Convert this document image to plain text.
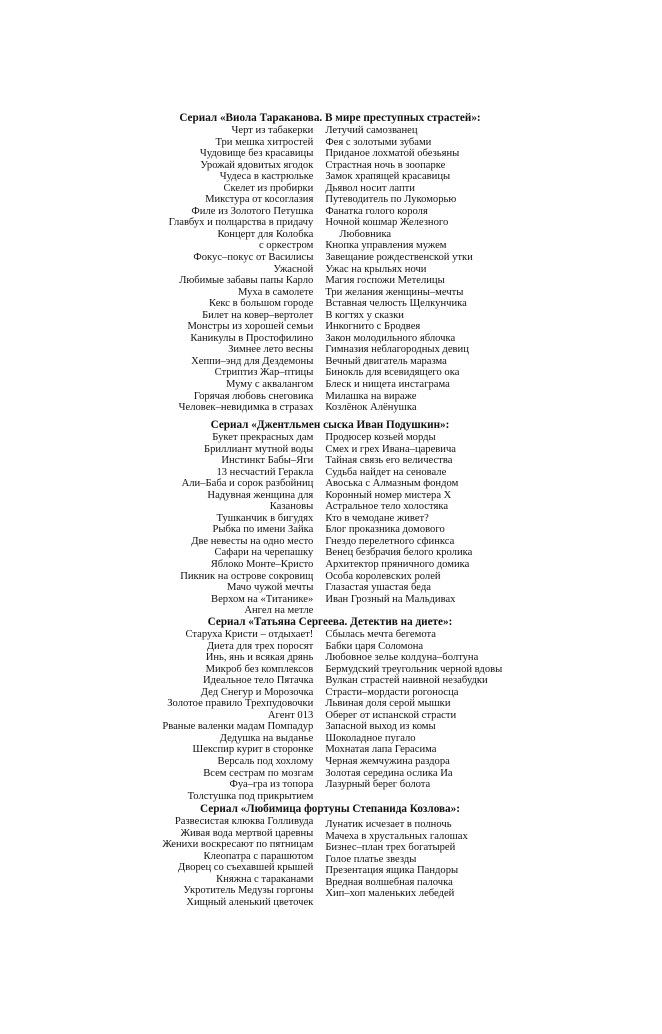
Сериал «Виола Тараканова. В мире преступных страстей»:
Черт из табакерки
Три мешка хитростей
Чудовище без красавицы
Урожай ядовитых ягодок
Чудеса в кастрюльке
Скелет из пробирки
Микстура от косоглазия
Филе из Золотого Петушка
Главбух и полцарства в придачу
Концерт для Колобка
с оркестром
Фокус–покус от Василисы
Ужасной
Любимые забавы папы Карло
Муха в самолете
Кекс в большом городе
Билет на ковер–вертолет
Монстры из хорошей семьи
Каникулы в Простофилино
Зимнее лето весны
Хеппи–энд для Дездемоны
Стриптиз Жар–птицы
Муму с аквалангом
Горячая любовь снеговика
Человек–невидимка в стразах
Летучий самозванец
Фея с золотыми зубами
Приданое лохматой обезьяны
Страстная ночь в зоопарке
Замок храпящей красавицы
Дьявол носит лапти
Путеводитель по Лукоморью
Фанатка голого короля
Ночной кошмар Железного
Любовника
Кнопка управления мужем
Завещание рождественской утки
Ужас на крыльях ночи
Магия госпожи Метелицы
Три желания женщины–мечты
Вставная челюсть Щелкунчика
В когтях у сказки
Инкогнито с Бродвея
Закон молодильного яблочка
Гимназия неблагородных девиц
Вечный двигатель маразма
Бинокль для всевидящего ока
Блеск и нищета инстаграма
Милашка на вираже
Козлёнок Алёнушка
Сериал «Джентльмен сыска Иван Подушкин»:
Букет прекрасных дам
Бриллиант мутной воды
Инстинкт Бабы–Яги
13 несчастий Геракла
Али–Баба и сорок разбойниц
Надувная женщина для
Казановы
Тушканчик в бигудях
Рыбка по имени Зайка
Две невесты на одно место
Сафари на черепашку
Яблоко Монте–Кристо
Пикник на острове сокровищ
Мачо чужой мечты
Верхом на «Титанике»
Ангел на метле
Продюсер козьей морды
Смех и грех Ивана–царевича
Тайная связь его величества
Судьба найдет на сеновале
Авоська с Алмазным фондом
Коронный номер мистера Х
Астральное тело холостяка
Кто в чемодане живет?
Блог проказника домового
Гнездо перелетного сфинкса
Венец безбрачия белого кролика
Архитектор пряничного домика
Особа королевских ролей
Глазастая ушастая беда
Иван Грозный на Мальдивах
Сериал «Татьяна Сергеева. Детектив на диете»:
Старуха Кристи – отдыхает!
Диета для трех поросят
Инь, янь и всякая дрянь
Микроб без комплексов
Идеальное тело Пятачка
Дед Снегур и Морозочка
Золотое правило Трехпудовочки
Агент 013
Рваные валенки мадам Помпадур
Дедушка на выданье
Шекспир курит в сторонке
Версаль под хохлому
Всем сестрам по мозгам
Фуа–гра из топора
Толстушка под прикрытием
Сбылась мечта бегемота
Бабки царя Соломона
Любовное зелье колдуна–болтуна
Бермудский треугольник черной вдовы
Вулкан страстей наивной незабудки
Страсти–мордасти рогоносца
Львиная доля серой мышки
Оберег от испанской страсти
Запасной выход из комы
Шоколадное пугало
Мохнатая лапа Герасима
Черная жемчужина раздора
Золотая середина ослика Иа
Лазурный берег болота
Сериал «Любимица фортуны Степанида Козлова»:
Развесистая клюква Голливуда
Живая вода мертвой царевны
Женихи воскресают по пятницам
Клеопатра с парашютом
Дворец со съехавшей крышей
Княжна с тараканами
Укротитель Медузы горгоны
Хищный аленький цветочек
Лунатик исчезает в полночь
Мачеха в хрустальных галошах
Бизнес–план трех богатырей
Голое платье звезды
Презентация ящика Пандоры
Вредная волшебная палочка
Хип–хоп маленьких лебедей
